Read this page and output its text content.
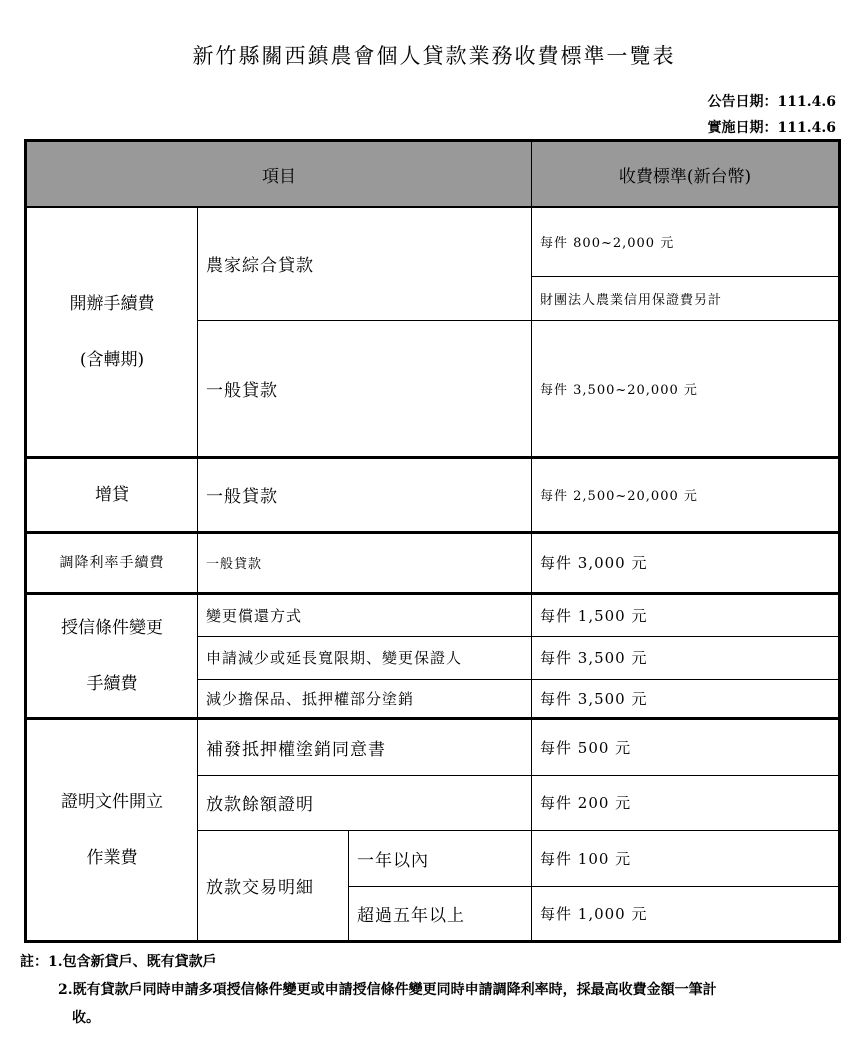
新竹縣關西鎮農會個人貸款業務收費標準一覽表
公告日期：111.4.6
實施日期：111.4.6
項目			收費標準(新台幣)

開辦手續費
(含轉期)	農家綜合貸款		每件 800~2,000 元
			財團法人農業信用保證費另計
	一般貸款		每件 3,500~20,000 元
增貸	一般貸款		每件 2,500~20,000 元
調降利率手續費	一般貸款		每件 3,000 元

授信條件變更
手續費	變更償還方式		每件 1,500 元
	申請減少或延長寬限期、變更保證人		每件 3,500 元
	減少擔保品、抵押權部分塗銷		每件 3,500 元

證明文件開立
作業費	補發抵押權塗銷同意書		每件 500 元
	放款餘額證明		每件 200 元
	放款交易明細	一年以內	每件 100 元
		超過五年以上	每件 1,000 元
註：1.包含新貸戶、既有貸款戶
2.既有貸款戶同時申請多項授信條件變更或申請授信條件變更同時申請調降利率時，採最高收費金額一筆計
收。
